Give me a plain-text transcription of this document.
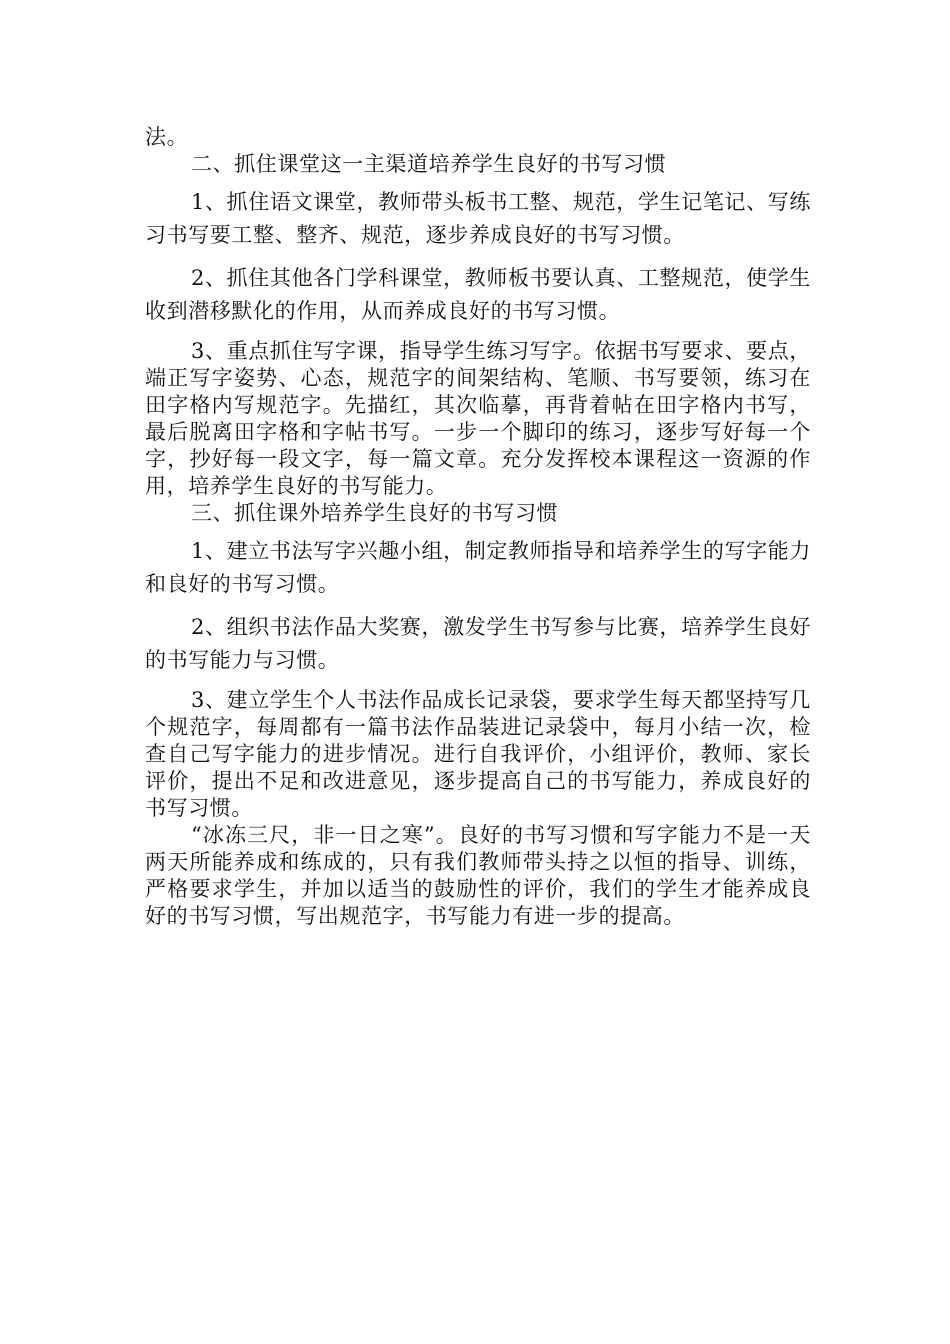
法。

二、抓住课堂这一主渠道培养学生良好的书写习惯

1、抓住语文课堂，教师带头板书工整、规范，学生记笔记、写练习书写要工整、整齐、规范，逐步养成良好的书写习惯。

2、抓住其他各门学科课堂，教师板书要认真、工整规范，使学生收到潜移默化的作用，从而养成良好的书写习惯。

3、重点抓住写字课，指导学生练习写字。依据书写要求、要点，端正写字姿势、心态，规范字的间架结构、笔顺、书写要领，练习在田字格内写规范字。先描红，其次临摹，再背着帖在田字格内书写，最后脱离田字格和字帖书写。一步一个脚印的练习，逐步写好每一个字，抄好每一段文字，每一篇文章。充分发挥校本课程这一资源的作用，培养学生良好的书写能力。

三、抓住课外培养学生良好的书写习惯

1、建立书法写字兴趣小组，制定教师指导和培养学生的写字能力和良好的书写习惯。

2、组织书法作品大奖赛，激发学生书写参与比赛，培养学生良好的书写能力与习惯。

3、建立学生个人书法作品成长记录袋，要求学生每天都坚持写几个规范字，每周都有一篇书法作品装进记录袋中，每月小结一次，检查自己写字能力的进步情况。进行自我评价，小组评价，教师、家长评价，提出不足和改进意见，逐步提高自己的书写能力，养成良好的书写习惯。

“冰冻三尺，非一日之寒”。良好的书写习惯和写字能力不是一天两天所能养成和练成的，只有我们教师带头持之以恒的指导、训练，严格要求学生，并加以适当的鼓励性的评价，我们的学生才能养成良好的书写习惯，写出规范字，书写能力有进一步的提高。
